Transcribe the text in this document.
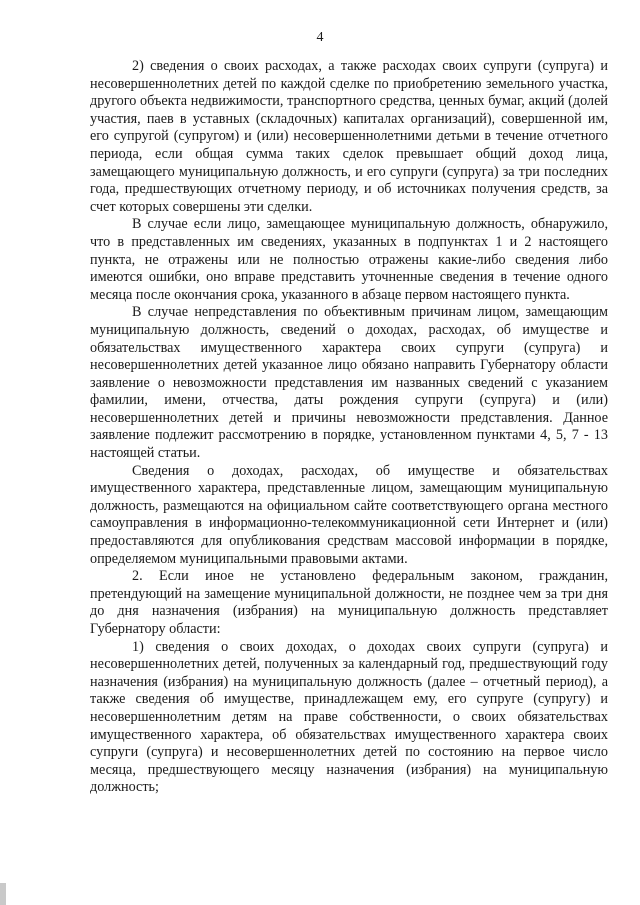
4

2) сведения о своих расходах, а также расходах своих супруги (супруга) и несовершеннолетних детей по каждой сделке по приобретению земельного участка, другого объекта недвижимости, транспортного средства, ценных бумаг, акций (долей участия, паев в уставных (складочных) капиталах организаций), совершенной им, его супругой (супругом) и (или) несовершеннолетними детьми в течение отчетного периода, если общая сумма таких сделок превышает общий доход лица, замещающего муниципальную должность, и его супруги (супруга) за три последних года, предшествующих отчетному периоду, и об источниках получения средств, за счет которых совершены эти сделки.

В случае если лицо, замещающее муниципальную должность, обнаружило, что в представленных им сведениях, указанных в подпунктах 1 и 2 настоящего пункта, не отражены или не полностью отражены какие-либо сведения либо имеются ошибки, оно вправе представить уточненные сведения в течение одного месяца после окончания срока, указанного в абзаце первом настоящего пункта.

В случае непредставления по объективным причинам лицом, замещающим муниципальную должность, сведений о доходах, расходах, об имуществе и обязательствах имущественного характера своих супруги (супруга) и несовершеннолетних детей указанное лицо обязано направить Губернатору области заявление о невозможности представления им названных сведений с указанием фамилии, имени, отчества, даты рождения супруги (супруга) и (или) несовершеннолетних детей и причины невозможности представления. Данное заявление подлежит рассмотрению в порядке, установленном пунктами 4, 5, 7 - 13 настоящей статьи.

Сведения о доходах, расходах, об имуществе и обязательствах имущественного характера, представленные лицом, замещающим муниципальную должность, размещаются на официальном сайте соответствующего органа местного самоуправления в информационно-телекоммуникационной сети Интернет и (или) предоставляются для опубликования средствам массовой информации в порядке, определяемом муниципальными правовыми актами.

2. Если иное не установлено федеральным законом, гражданин, претендующий на замещение муниципальной должности, не позднее чем за три дня до дня назначения (избрания) на муниципальную должность представляет Губернатору области:

1) сведения о своих доходах, о доходах своих супруги (супруга) и несовершеннолетних детей, полученных за календарный год, предшествующий году назначения (избрания) на муниципальную должность (далее – отчетный период), а также сведения об имуществе, принадлежащем ему, его супруге (супругу) и несовершеннолетним детям на праве собственности, о своих обязательствах имущественного характера, об обязательствах имущественного характера своих супруги (супруга) и несовершеннолетних детей по состоянию на первое число месяца, предшествующего месяцу назначения (избрания) на муниципальную должность;
